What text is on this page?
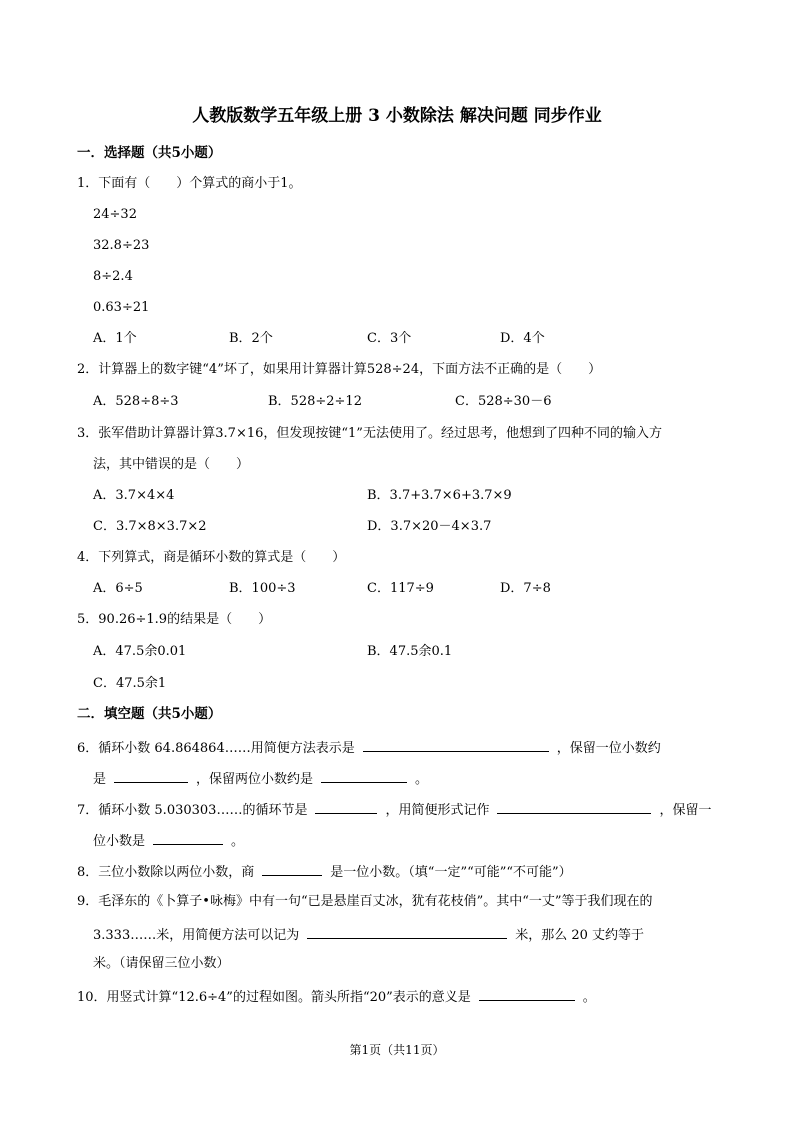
人教版数学五年级上册 3 小数除法 解决问题 同步作业
一．选择题（共5小题）
1．下面有（　　）个算式的商小于1。
24÷32
32.8÷23
8÷2.4
0.63÷21
A．1个	B．2个	C．3个	D．4个
2．计算器上的数字键“4”坏了，如果用计算器计算528÷24，下面方法不正确的是（　　）
A．528÷8÷3	B．528÷2÷12	C．528÷30－6
3．张军借助计算器计算3.7×16，但发现按键“1”无法使用了。经过思考，他想到了四种不同的输入方
法，其中错误的是（　　）
A．3.7×4×4	B．3.7+3.7×6+3.7×9
C．3.7×8×3.7×2	D．3.7×20－4×3.7
4．下列算式，商是循环小数的算式是（　　）
A．6÷5	B．100÷3	C．117÷9	D．7÷8
5．90.26÷1.9的结果是（　　）
A．47.5余0.01	B．47.5余0.1
C．47.5余1
二．填空题（共5小题）
6．循环小数 64.864864……用简便方法表示是	，保留一位小数约
是	，保留两位小数约是	。
7．循环小数 5.030303……的循环节是	，用简便形式记作	，保留一
位小数是	。
8．三位小数除以两位小数，商	是一位小数。（填“一定”“可能”“不可能”）
9．毛泽东的《卜算子•咏梅》中有一句“已是悬崖百丈冰，犹有花枝俏”。其中“一丈”等于我们现在的
3.333……米，用简便方法可以记为	米，那么 20 丈约等于
米。（请保留三位小数）
10．用竖式计算“12.6÷4”的过程如图。箭头所指“20”表示的意义是	。
第1页（共11页）
